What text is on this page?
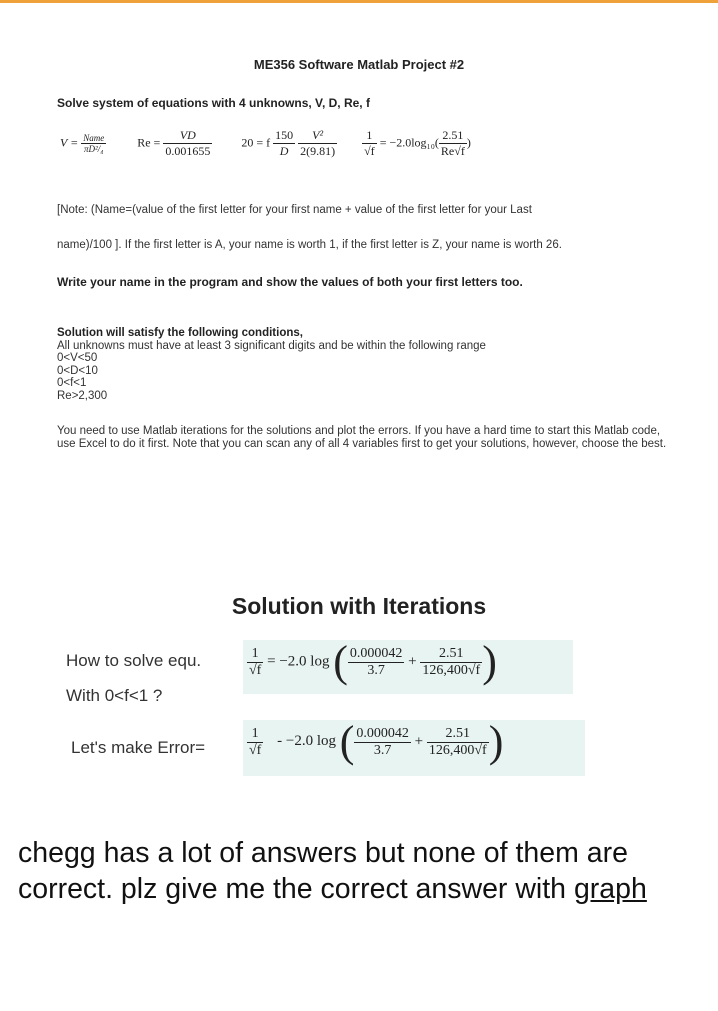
ME356 Software Matlab Project #2
Solve system of equations with 4 unknowns, V, D, Re, f
$V = \frac{\text{Name}}{\text{πD²/₄}}$	$Re = \frac{VD}{0.001655} 20 = f \frac{150}{D}$
$\frac{\text{V²}}{2(9.81)}$
$\frac{1}{√f} = -2.0\log_{10}( \frac{2.51}{Re√f}$ )
[Note: (Name=(value of the first letter for your first name + value of the first letter for your Last
name)/100 ]. If the first letter is A, your name is worth 1, if the first letter is Z, your name is worth 26.
Write your name in the program and show the values of both your first letters too.
Solution will satisfy the following conditions,
All unknowns must have at least 3 significant digits and be within the following range
0<V<50
0<D<10
0<f<1
Re>2,300
You need to use Matlab iterations for the solutions and plot the errors. If you have a hard time to start this Matlab code, use Excel to do it first. Note that you can scan any of all 4 variables first to get your solutions, however, choose the best.
Solution with Iterations
How to solve equ.
With 0<f<1 ?
$\frac{1}{√f} = -2.0$ log ( $\frac{0.000042}{3.7} + \frac{2.51}{126,400√f}$ )
Let's make Error=	$\frac{1}{√f} - -2.0$ log ( $\frac{0.000042}{3.7} + \frac{2.51}{126,400√f}$ )
chegg has a lot of answers but none of them are correct. plz give me the correct answer with graph
